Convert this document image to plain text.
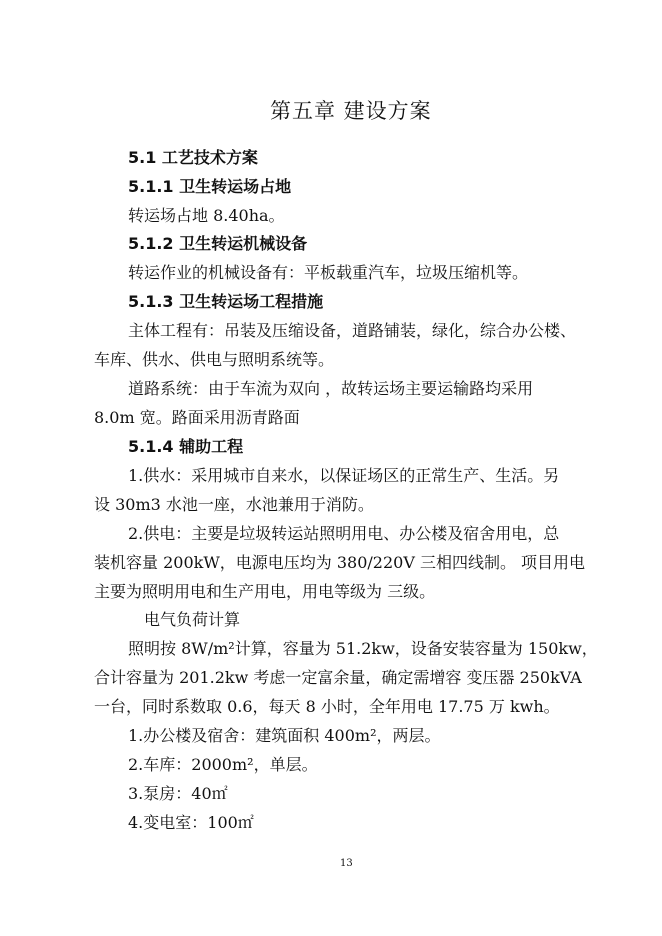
第五章 建设方案
5.1 工艺技术方案
5.1.1 卫生转运场占地
转运场占地 8.40ha。
5.1.2 卫生转运机械设备
转运作业的机械设备有：平板载重汽车，垃圾压缩机等。
5.1.3 卫生转运场工程措施
主体工程有：吊装及压缩设备，道路铺装，绿化，综合办公楼、
车库、供水、供电与照明系统等。
道路系统：由于车流为双向 ，故转运场主要运输路均采用
8.0m 宽。路面采用沥青路面
5.1.4 辅助工程
1.供水：采用城市自来水，以保证场区的正常生产、生活。另
设 30m3 水池一座，水池兼用于消防。
2.供电：主要是垃圾转运站照明用电、办公楼及宿舍用电，总
装机容量 200kW，电源电压均为 380/220V 三相四线制。 项目用电
主要为照明用电和生产用电，用电等级为 三级。
电气负荷计算
照明按 8W/m²计算，容量为 51.2kw，设备安装容量为 150kw，
合计容量为 201.2kw 考虑一定富余量，确定需增容 变压器 250kVA
一台，同时系数取 0.6，每天 8 小时，全年用电 17.75 万 kwh。
1.办公楼及宿舍：建筑面积 400m²，两层。
2.车库：2000m²，单层。
3.泵房：40㎡
4.变电室：100㎡
13
